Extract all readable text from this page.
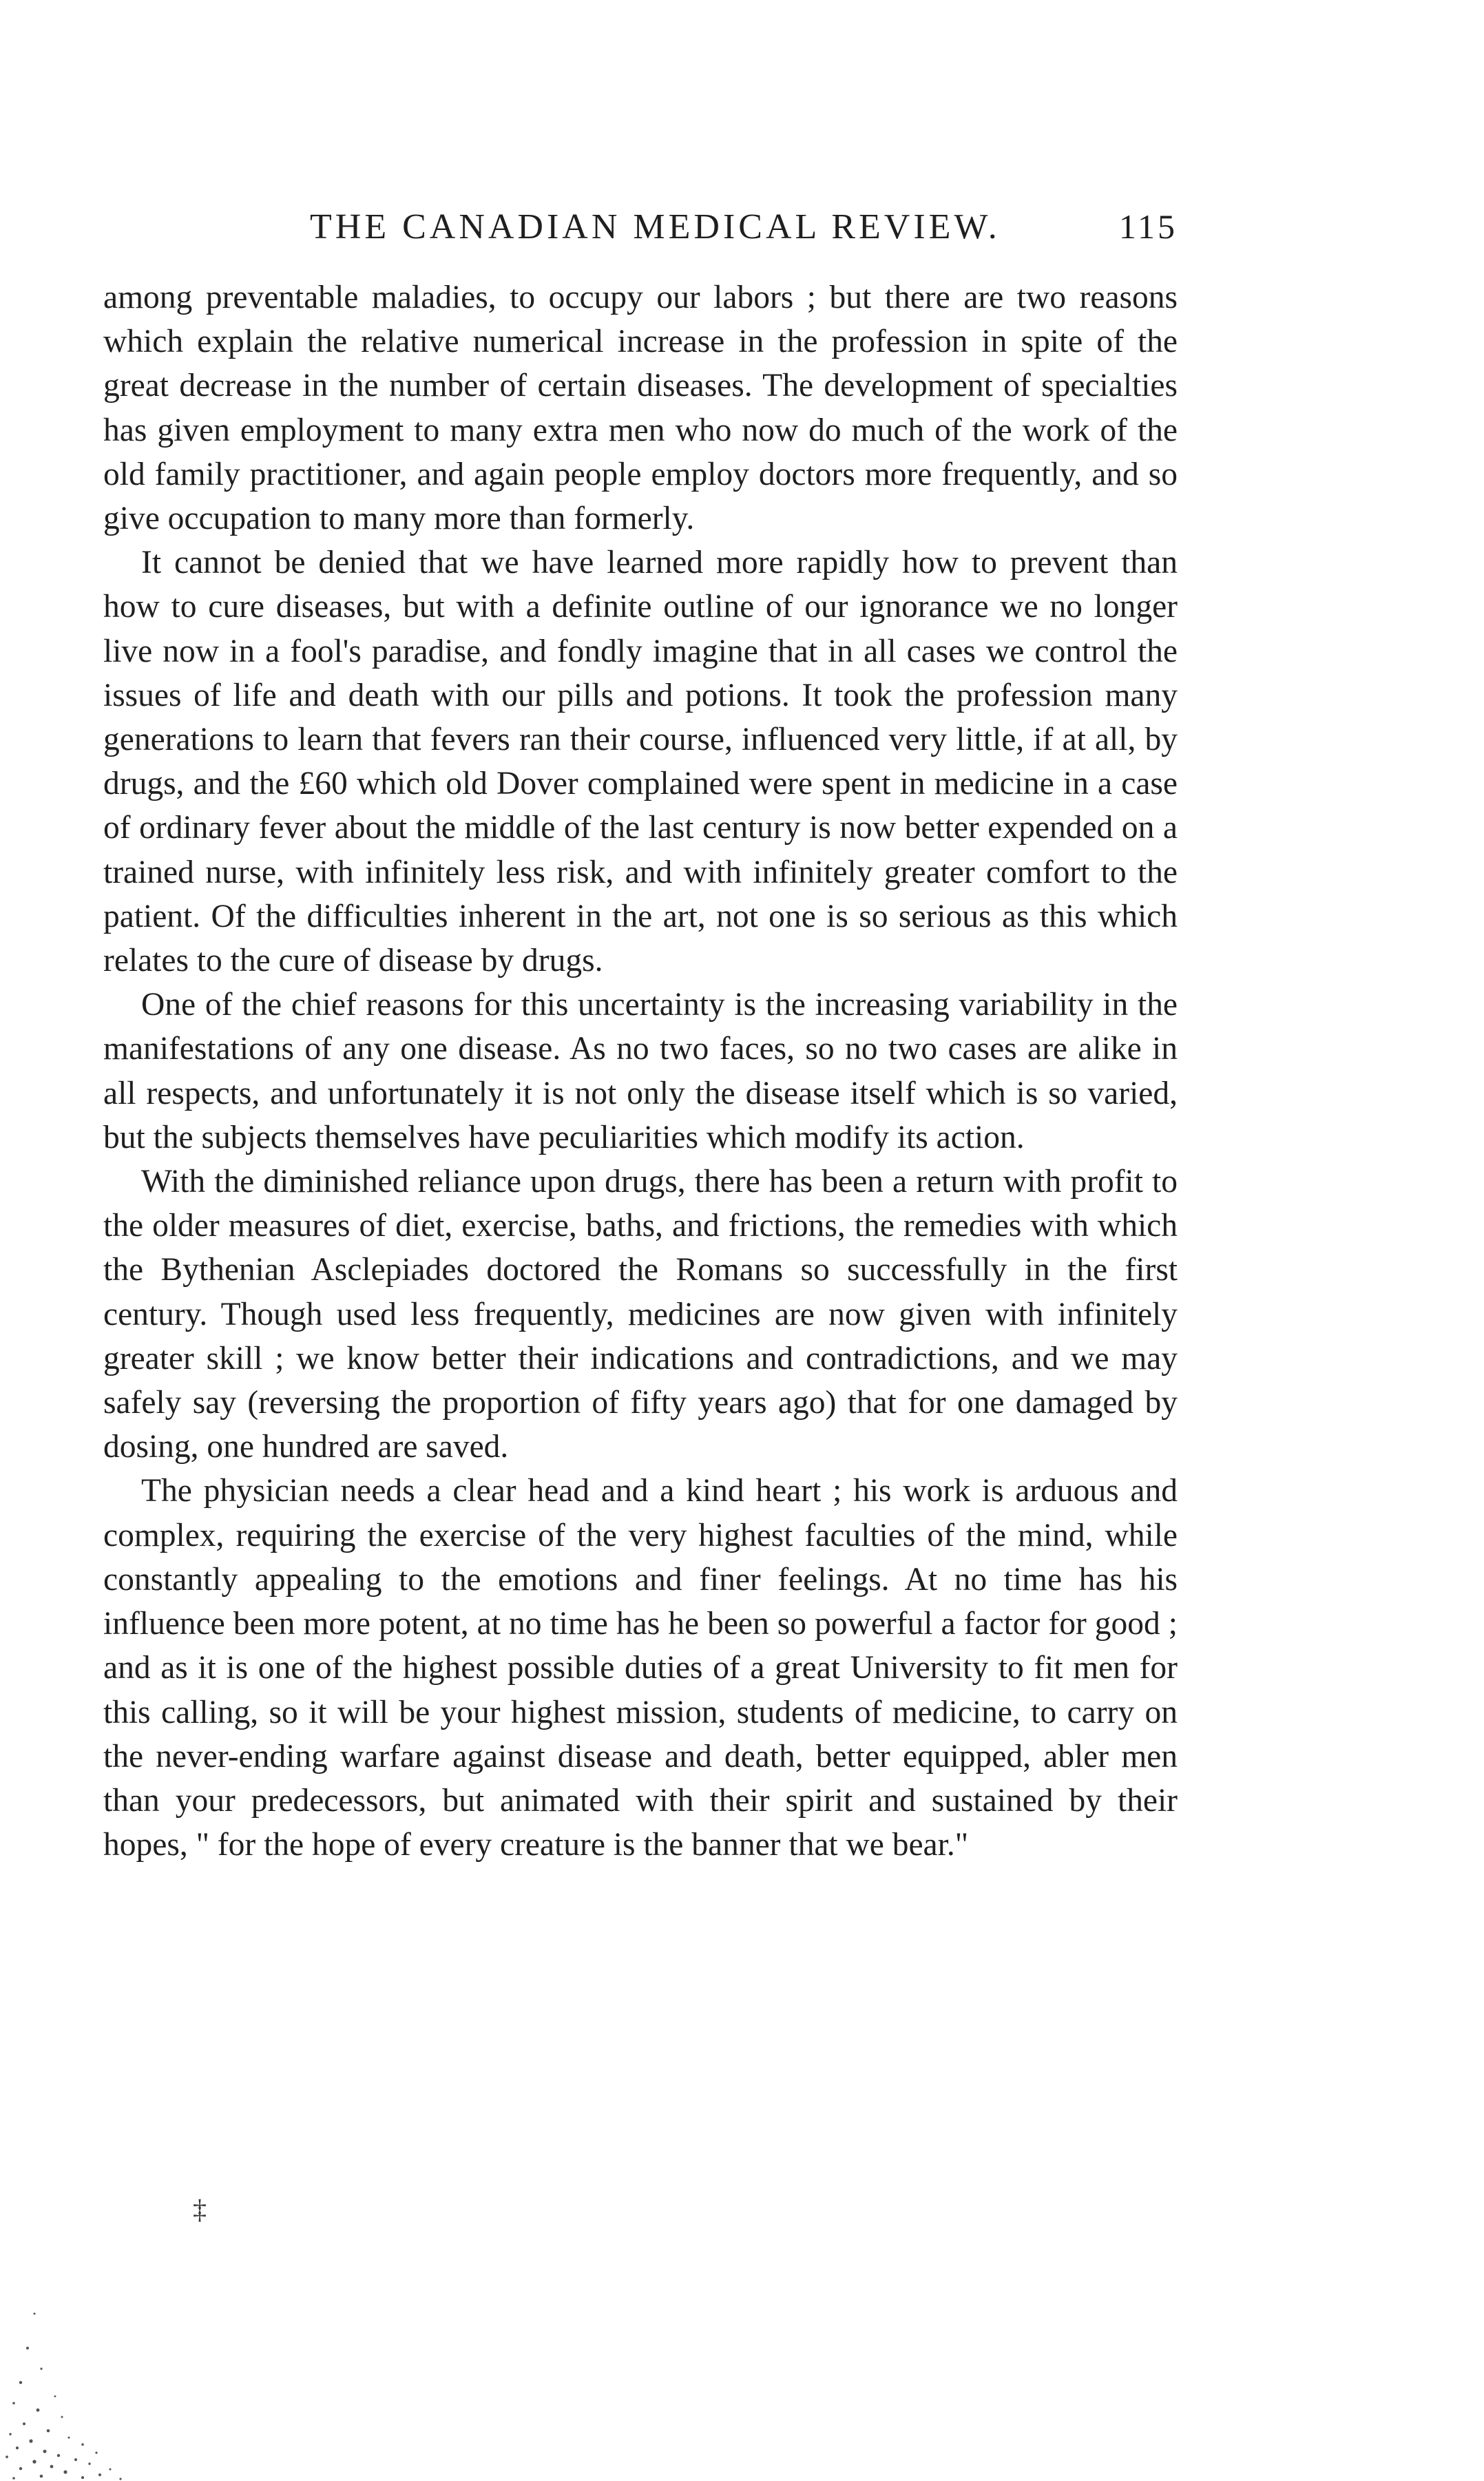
THE CANADIAN MEDICAL REVIEW.	115

among preventable maladies, to occupy our labors ; but there are two reasons which explain the relative numerical increase in the profession in spite of the great decrease in the number of certain diseases. The development of specialties has given employment to many extra men who now do much of the work of the old family practitioner, and again people employ doctors more frequently, and so give occupation to many more than formerly.

It cannot be denied that we have learned more rapidly how to prevent than how to cure diseases, but with a definite outline of our ignorance we no longer live now in a fool's paradise, and fondly imagine that in all cases we control the issues of life and death with our pills and potions. It took the profession many generations to learn that fevers ran their course, influenced very little, if at all, by drugs, and the £60 which old Dover complained were spent in medicine in a case of ordinary fever about the middle of the last century is now better expended on a trained nurse, with infinitely less risk, and with infinitely greater comfort to the patient. Of the difficulties inherent in the art, not one is so serious as this which relates to the cure of disease by drugs.

One of the chief reasons for this uncertainty is the increasing variability in the manifestations of any one disease. As no two faces, so no two cases are alike in all respects, and unfortunately it is not only the disease itself which is so varied, but the subjects themselves have peculiarities which modify its action.

With the diminished reliance upon drugs, there has been a return with profit to the older measures of diet, exercise, baths, and frictions, the remedies with which the Bythenian Asclepiades doctored the Romans so successfully in the first century. Though used less frequently, medicines are now given with infinitely greater skill ; we know better their indications and contradictions, and we may safely say (reversing the proportion of fifty years ago) that for one damaged by dosing, one hundred are saved.

The physician needs a clear head and a kind heart ; his work is arduous and complex, requiring the exercise of the very highest faculties of the mind, while constantly appealing to the emotions and finer feelings. At no time has his influence been more potent, at no time has he been so powerful a factor for good ; and as it is one of the highest possible duties of a great University to fit men for this calling, so it will be your highest mission, students of medicine, to carry on the never-ending warfare against disease and death, better equipped, abler men than your predecessors, but animated with their spirit and sustained by their hopes, " for the hope of every creature is the banner that we bear."

‡
